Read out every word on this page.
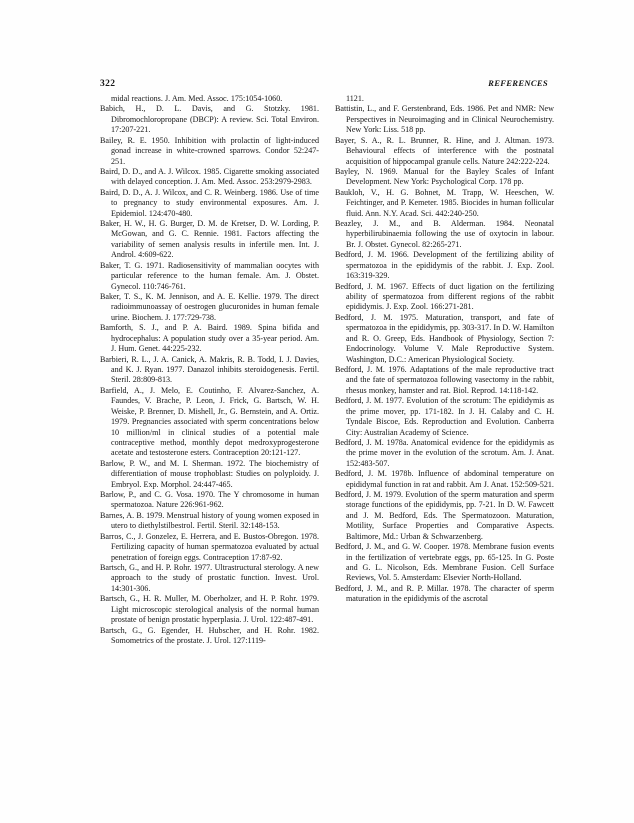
322	REFERENCES

midal reactions. J. Am. Med. Assoc. 175:1054-1060.

Babich, H., D. L. Davis, and G. Stotzky. 1981. Dibromochloropropane (DBCP): A review. Sci. Total Environ. 17:207-221.

Bailey, R. E. 1950. Inhibition with prolactin of light-induced gonad increase in white-crowned sparrows. Condor 52:247-251.

Baird, D. D., and A. J. Wilcox. 1985. Cigarette smoking associated with delayed conception. J. Am. Med. Assoc. 253:2979-2983.

Baird, D. D., A. J. Wilcox, and C. R. Weinberg. 1986. Use of time to pregnancy to study environmental exposures. Am. J. Epidemiol. 124:470-480.

Baker, H. W., H. G. Burger, D. M. de Kretser, D. W. Lording, P. McGowan, and G. C. Rennie. 1981. Factors affecting the variability of semen analysis results in infertile men. Int. J. Androl. 4:609-622.

Baker, T. G. 1971. Radiosensitivity of mammalian oocytes with particular reference to the human female. Am. J. Obstet. Gynecol. 110:746-761.

Baker, T. S., K. M. Jennison, and A. E. Kellie. 1979. The direct radioimmunoassay of oestrogen glucuronides in human female urine. Biochem. J. 177:729-738.

Bamforth, S. J., and P. A. Baird. 1989. Spina bifida and hydrocephalus: A population study over a 35-year period. Am. J. Hum. Genet. 44:225-232.

Barbieri, R. L., J. A. Canick, A. Makris, R. B. Todd, I. J. Davies, and K. J. Ryan. 1977. Danazol inhibits steroidogenesis. Fertil. Steril. 28:809-813.

Barfield, A., J. Melo, E. Coutinho, F. Alvarez-Sanchez, A. Faundes, V. Brache, P. Leon, J. Frick, G. Bartsch, W. H. Weiske, P. Brenner, D. Mishell, Jr., G. Bernstein, and A. Ortiz. 1979. Pregnancies associated with sperm concentrations below 10 million/ml in clinical studies of a potential male contraceptive method, monthly depot medroxyprogesterone acetate and testosterone esters. Contraception 20:121-127.

Barlow, P. W., and M. I. Sherman. 1972. The biochemistry of differentiation of mouse trophoblast: Studies on polyploidy. J. Embryol. Exp. Morphol. 24:447-465.

Barlow, P., and C. G. Vosa. 1970. The Y chromosome in human spermatozoa. Nature 226:961-962.

Barnes, A. B. 1979. Menstrual history of young women exposed in utero to diethylstilbestrol. Fertil. Steril. 32:148-153.

Barros, C., J. Gonzelez, E. Herrera, and E. Bustos-Obregon. 1978. Fertilizing capacity of human spermatozoa evaluated by actual penetration of foreign eggs. Contraception 17:87-92.

Bartsch, G., and H. P. Rohr. 1977. Ultrastructural sterology. A new approach to the study of prostatic function. Invest. Urol. 14:301-306.

Bartsch, G., H. R. Muller, M. Oberholzer, and H. P. Rohr. 1979. Light microscopic sterological analysis of the normal human prostate of benign prostatic hyperplasia. J. Urol. 122:487-491.

Bartsch, G., G. Egender, H. Hubscher, and H. Rohr. 1982. Somometrics of the prostate. J. Urol. 127:1119-

1121.

Battistin, L., and F. Gerstenbrand, Eds. 1986. Pet and NMR: New Perspectives in Neuroimaging and in Clinical Neurochemistry. New York: Liss. 518 pp.

Bayer, S. A., R. L. Brunner, R. Hine, and J. Altman. 1973. Behavioural effects of interference with the postnatal acquisition of hippocampal granule cells. Nature 242:222-224.

Bayley, N. 1969. Manual for the Bayley Scales of Infant Development. New York: Psychological Corp. 178 pp.

Baukloh, V., H. G. Bohnet, M. Trapp, W. Heeschen, W. Feichtinger, and P. Kemeter. 1985. Biocides in human follicular fluid. Ann. N.Y. Acad. Sci. 442:240-250.

Beazley, J. M., and B. Alderman. 1984. Neonatal hyperbilirubinaemia following the use of oxytocin in labour. Br. J. Obstet. Gynecol. 82:265-271.

Bedford, J. M. 1966. Development of the fertilizing ability of spermatozoa in the epididymis of the rabbit. J. Exp. Zool. 163:319-329.

Bedford, J. M. 1967. Effects of duct ligation on the fertilizing ability of spermatozoa from different regions of the rabbit epididymis. J. Exp. Zool. 166:271-281.

Bedford, J. M. 1975. Maturation, transport, and fate of spermatozoa in the epididymis, pp. 303-317. In D. W. Hamilton and R. O. Greep, Eds. Handbook of Physiology, Section 7: Endocrinology. Volume V. Male Reproductive System. Washington, D.C.: American Physiological Society.

Bedford, J. M. 1976. Adaptations of the male reproductive tract and the fate of spermatozoa following vasectomy in the rabbit, rhesus monkey, hamster and rat. Biol. Reprod. 14:118-142.

Bedford, J. M. 1977. Evolution of the scrotum: The epididymis as the prime mover, pp. 171-182. In J. H. Calaby and C. H. Tyndale Biscoe, Eds. Reproduction and Evolution. Canberra City: Australian Academy of Science.

Bedford, J. M. 1978a. Anatomical evidence for the epididymis as the prime mover in the evolution of the scrotum. Am. J. Anat. 152:483-507.

Bedford, J. M. 1978b. Influence of abdominal temperature on epididymal function in rat and rabbit. Am J. Anat. 152:509-521.

Bedford, J. M. 1979. Evolution of the sperm maturation and sperm storage functions of the epididymis, pp. 7-21. In D. W. Fawcett and J. M. Bedford, Eds. The Spermatozoon. Maturation, Motility, Surface Properties and Comparative Aspects. Baltimore, Md.: Urban & Schwarzenberg.

Bedford, J. M., and G. W. Cooper. 1978. Membrane fusion events in the fertilization of vertebrate eggs, pp. 65-125. In G. Poste and G. L. Nicolson, Eds. Membrane Fusion. Cell Surface Reviews, Vol. 5. Amsterdam: Elsevier North-Holland.

Bedford, J. M., and R. P. Millar. 1978. The character of sperm maturation in the epididymis of the ascrotal
